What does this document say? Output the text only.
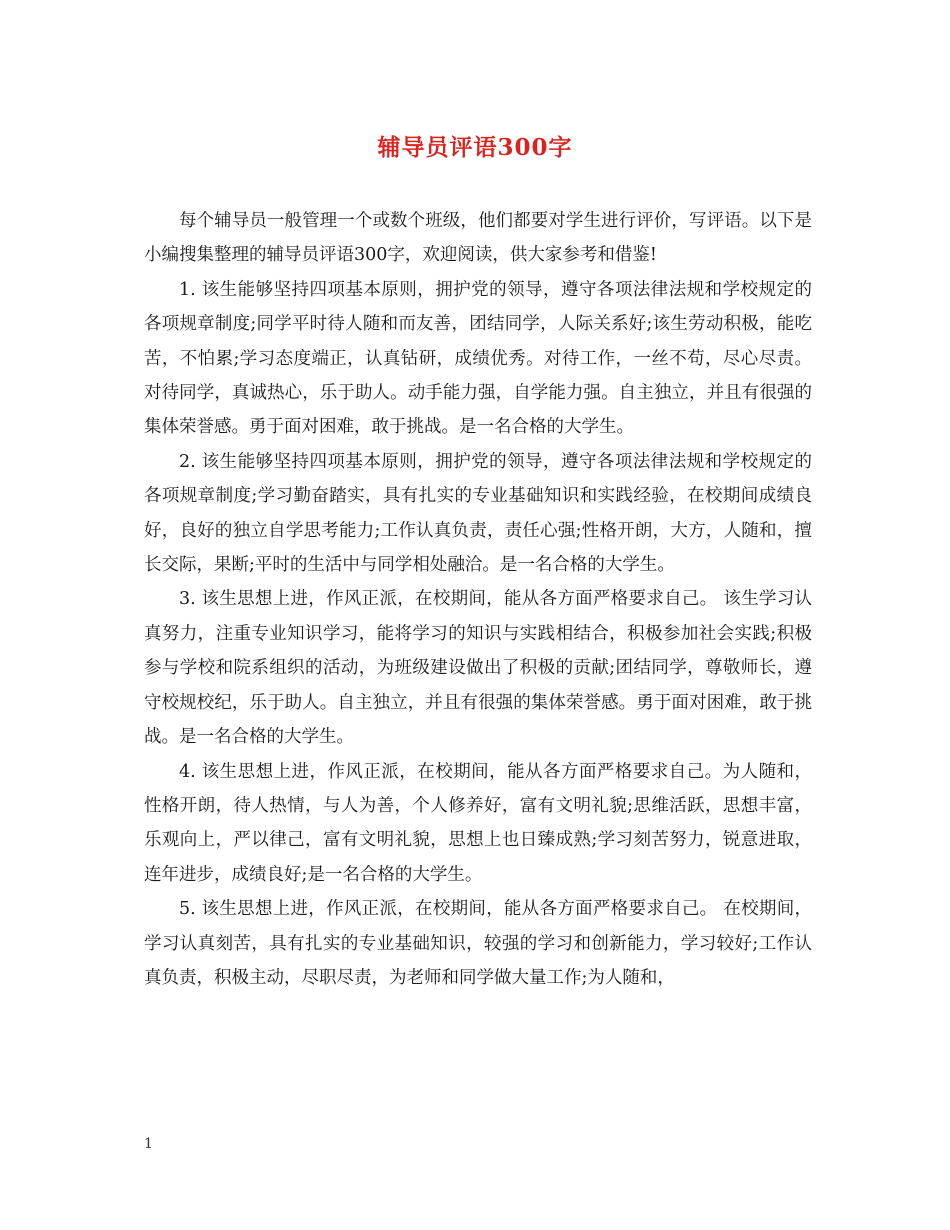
辅导员评语300字

每个辅导员一般管理一个或数个班级，他们都要对学生进行评价，写评语。以下是小编搜集整理的辅导员评语300字，欢迎阅读，供大家参考和借鉴!

1. 该生能够坚持四项基本原则，拥护党的领导，遵守各项法律法规和学校规定的各项规章制度;同学平时待人随和而友善，团结同学，人际关系好;该生劳动积极，能吃苦，不怕累;学习态度端正，认真钻研，成绩优秀。对待工作，一丝不苟，尽心尽责。对待同学，真诚热心，乐于助人。动手能力强，自学能力强。自主独立，并且有很强的集体荣誉感。勇于面对困难，敢于挑战。是一名合格的大学生。

2. 该生能够坚持四项基本原则，拥护党的领导，遵守各项法律法规和学校规定的各项规章制度;学习勤奋踏实，具有扎实的专业基础知识和实践经验，在校期间成绩良好，良好的独立自学思考能力;工作认真负责，责任心强;性格开朗，大方，人随和，擅长交际，果断;平时的生活中与同学相处融洽。是一名合格的大学生。

3. 该生思想上进，作风正派，在校期间，能从各方面严格要求自己。 该生学习认真努力，注重专业知识学习，能将学习的知识与实践相结合，积极参加社会实践;积极参与学校和院系组织的活动，为班级建设做出了积极的贡献;团结同学，尊敬师长，遵守校规校纪，乐于助人。自主独立，并且有很强的集体荣誉感。勇于面对困难，敢于挑战。是一名合格的大学生。

4. 该生思想上进，作风正派，在校期间，能从各方面严格要求自己。为人随和，性格开朗，待人热情，与人为善，个人修养好，富有文明礼貌;思维活跃，思想丰富，乐观向上，严以律己，富有文明礼貌，思想上也日臻成熟;学习刻苦努力，锐意进取，连年进步，成绩良好;是一名合格的大学生。

5. 该生思想上进，作风正派，在校期间，能从各方面严格要求自己。 在校期间，学习认真刻苦，具有扎实的专业基础知识，较强的学习和创新能力，学习较好;工作认真负责，积极主动，尽职尽责，为老师和同学做大量工作;为人随和，

1
